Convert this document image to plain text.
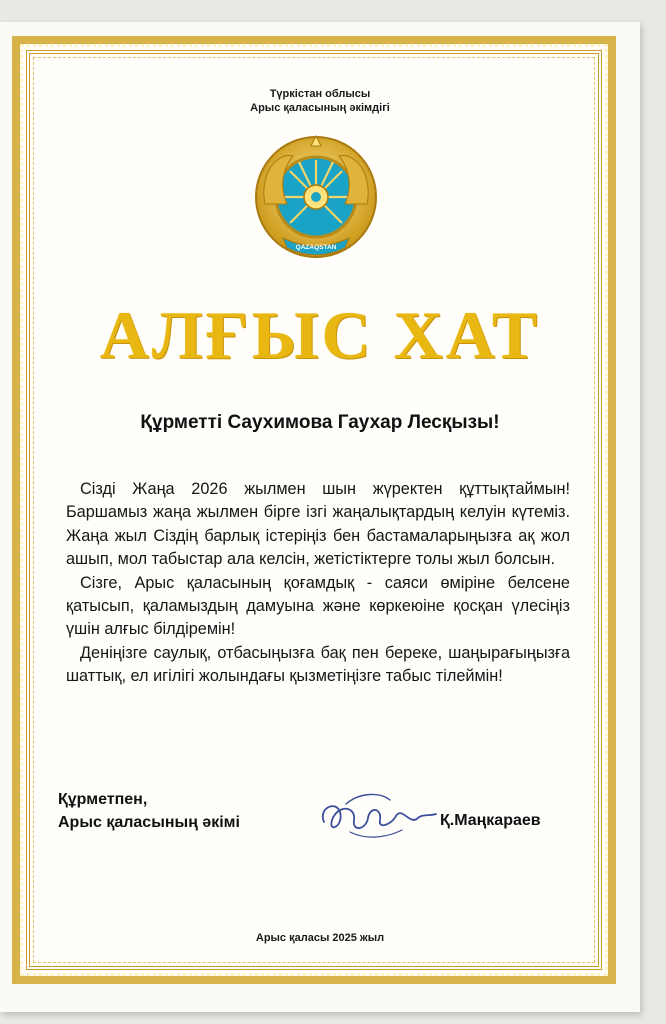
Түркістан облысы
Арыс қаласының әкімдігі
QAZAQSTAN
АЛҒЫС ХАТ
Құрметті Саухимова Гаухар Лесқызы!

Сізді Жаңа 2026 жылмен шын жүректен құттықтаймын! Баршамыз жаңа жылмен бірге ізгі жаңалықтардың келуін күтеміз. Жаңа жыл Сіздің барлық істеріңіз бен бастамаларыңызға ақ жол ашып, мол табыстар ала келсін, жетістіктерге толы жыл болсын.

Сізге, Арыс қаласының қоғамдық - саяси өміріне белсене қатысып, қаламыздың дамуына және көркеюіне қосқан үлесіңіз үшін алғыс білдіремін!

Деніңізге саулық, отбасыңызға бақ пен береке, шаңырағыңызға шаттық, ел игілігі жолындағы қызметіңізге табыс тілеймін!

Құрметпен,
Арыс қаласының әкімі	Қ.Маңкараев
Арыс қаласы 2025 жыл
